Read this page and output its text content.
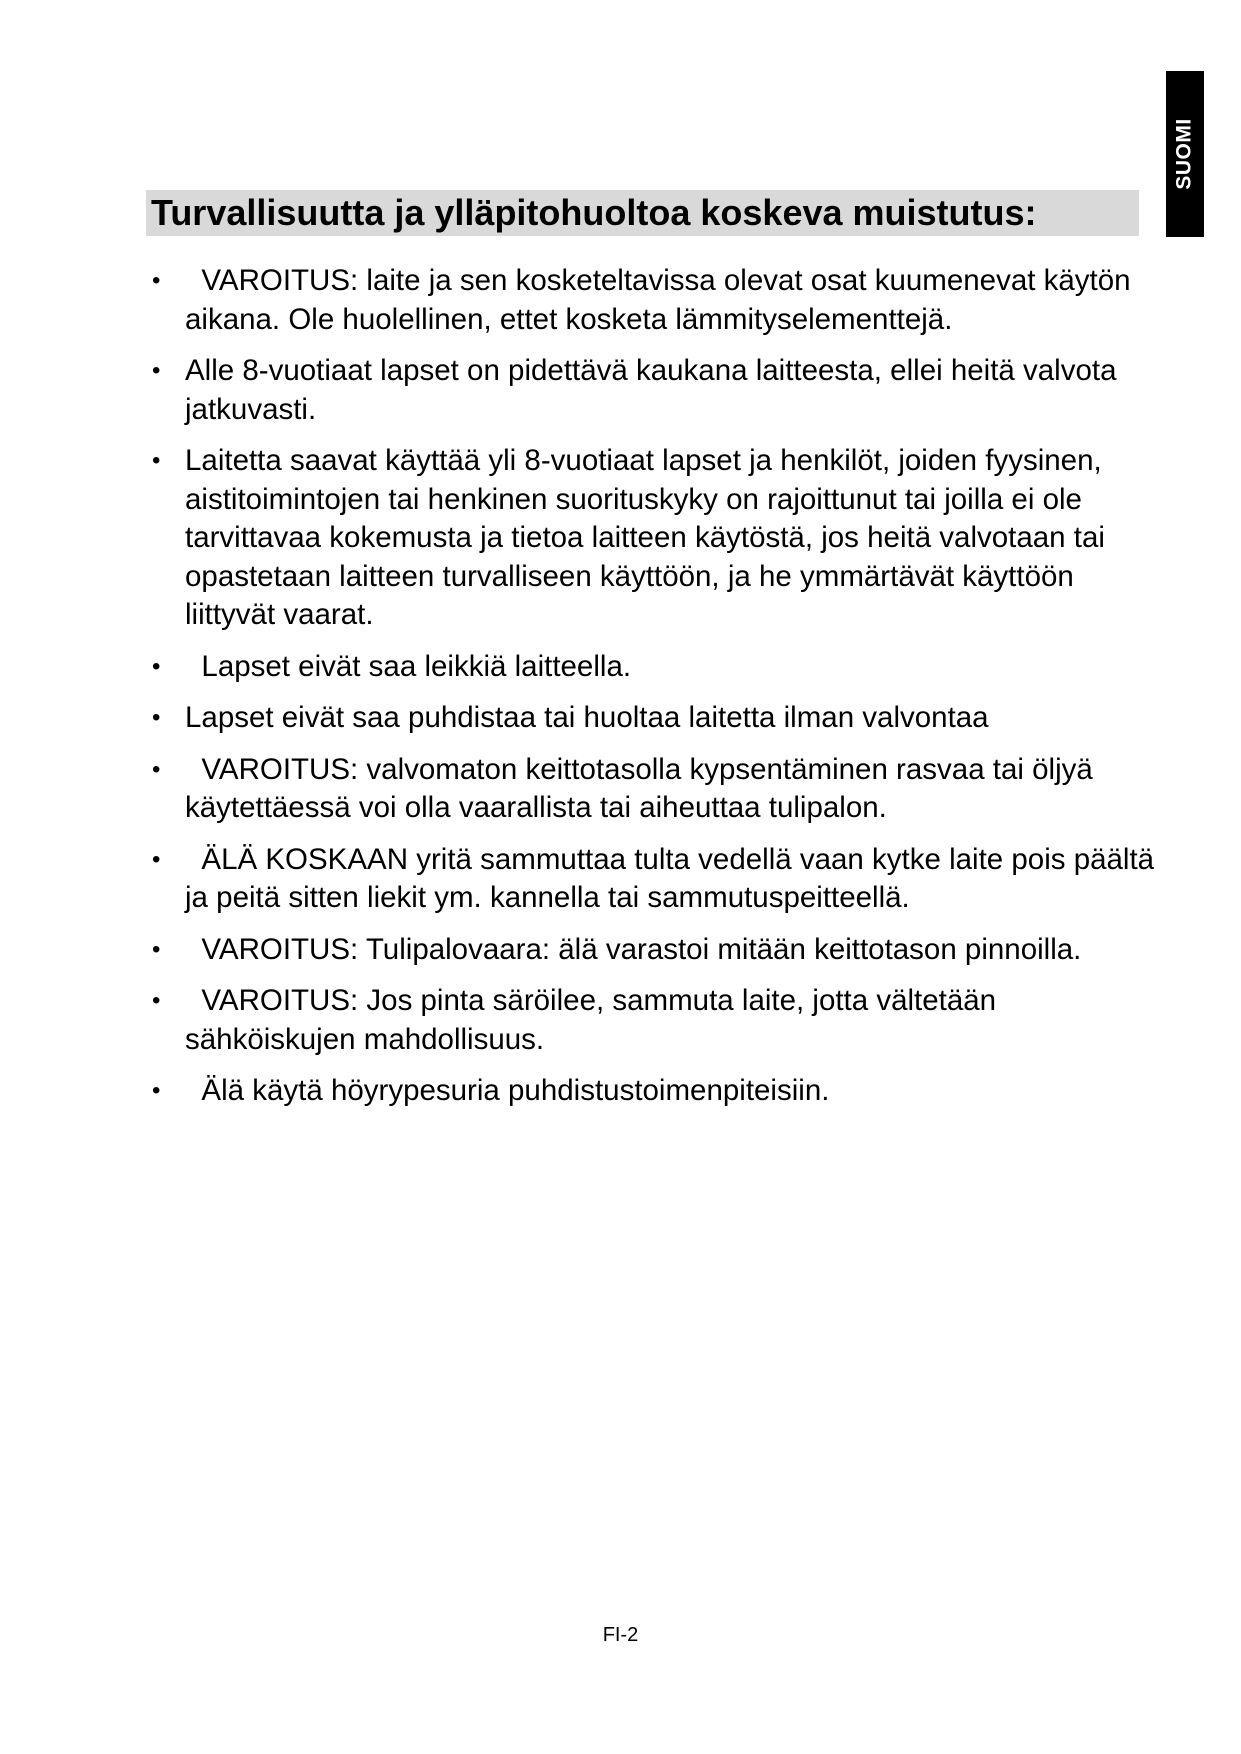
SUOMI
Turvallisuutta ja ylläpitohuoltoa koskeva muistutus:
• VAROITUS: laite ja sen kosketeltavissa olevat osat kuumenevat käytön aikana. Ole huolellinen, ettet kosketa lämmityselementtejä.
• Alle 8-vuotiaat lapset on pidettävä kaukana laitteesta, ellei heitä valvota jatkuvasti.
• Laitetta saavat käyttää yli 8-vuotiaat lapset ja henkilöt, joiden fyysinen, aistitoimintojen tai henkinen suorituskyky on rajoittunut tai joilla ei ole tarvittavaa kokemusta ja tietoa laitteen käytöstä, jos heitä valvotaan tai opastetaan laitteen turvalliseen käyttöön, ja he ymmärtävät käyttöön liittyvät vaarat.
• Lapset eivät saa leikkiä laitteella.
• Lapset eivät saa puhdistaa tai huoltaa laitetta ilman valvontaa
• VAROITUS: valvomaton keittotasolla kypsentäminen rasvaa tai öljyä käytettäessä voi olla vaarallista tai aiheuttaa tulipalon.
• ÄLÄ KOSKAAN yritä sammuttaa tulta vedellä vaan kytke laite pois päältä ja peitä sitten liekit ym. kannella tai sammutuspeitteellä.
• VAROITUS: Tulipalovaara: älä varastoi mitään keittotason pinnoilla.
• VAROITUS: Jos pinta säröilee, sammuta laite, jotta vältetään sähköiskujen mahdollisuus.
• Älä käytä höyrypesuria puhdistustoimenpiteisiin.
FI-2
